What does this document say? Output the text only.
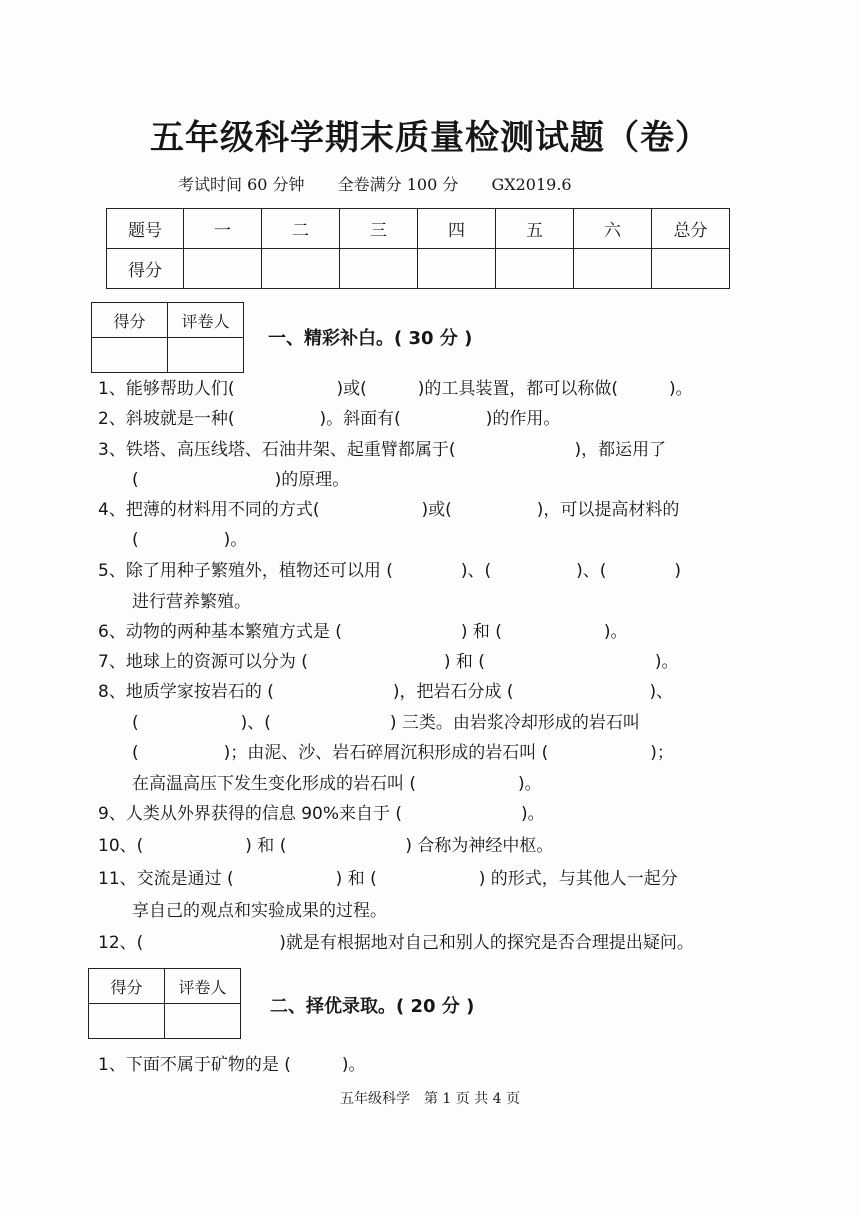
五年级科学期末质量检测试题（卷）
考试时间 60 分钟 全卷满分 100 分 GX2019.6
题号	一	二	三	四	五	六	总分
得分							
得分	评卷人

一、精彩补白。( 30 分 )
1、能够帮助人们(　　　　　　)或(　　　)的工具装置，都可以称做(　　　)。
2、斜坡就是一种(　　　　　)。斜面有(　　　　　)的作用。
3、铁塔、高压线塔、石油井架、起重臂都属于(　　　　　　　)，都运用了
　　(　　　　　　　　)的原理。
4、把薄的材料用不同的方式(　　　　　　)或(　　　　　)，可以提高材料的
　　(　　　　　)。
5、除了用种子繁殖外，植物还可以用 (　　　　)、(　　　　　)、(　　　　)
　　进行营养繁殖。
6、动物的两种基本繁殖方式是 (　　　　　　　) 和 (　　　　　　)。
7、地球上的资源可以分为 (　　　　　　　　) 和 (　　　　　　　　　　)。
8、地质学家按岩石的 (　　　　　　　)，把岩石分成 (　　　　　　　　)、
　　(　　　　　　)、(　　　　　　　) 三类。由岩浆冷却形成的岩石叫
　　(　　　　　)；由泥、沙、岩石碎屑沉积形成的岩石叫 (　　　　　　)；
　　在高温高压下发生变化形成的岩石叫 (　　　　　　)。
9、人类从外界获得的信息 90%来自于 (　　　　　　　)。
10、(　　　　　　) 和 (　　　　　　　) 合称为神经中枢。
11、交流是通过 (　　　　　　) 和 (　　　　　　) 的形式，与其他人一起分
　　享自己的观点和实验成果的过程。
12、(　　　　　　　　)就是有根据地对自己和别人的探究是否合理提出疑问。
得分	评卷人

二、择优录取。( 20 分 )
1、下面不属于矿物的是 (　　　)。
五年级科学　第 1 页 共 4 页
